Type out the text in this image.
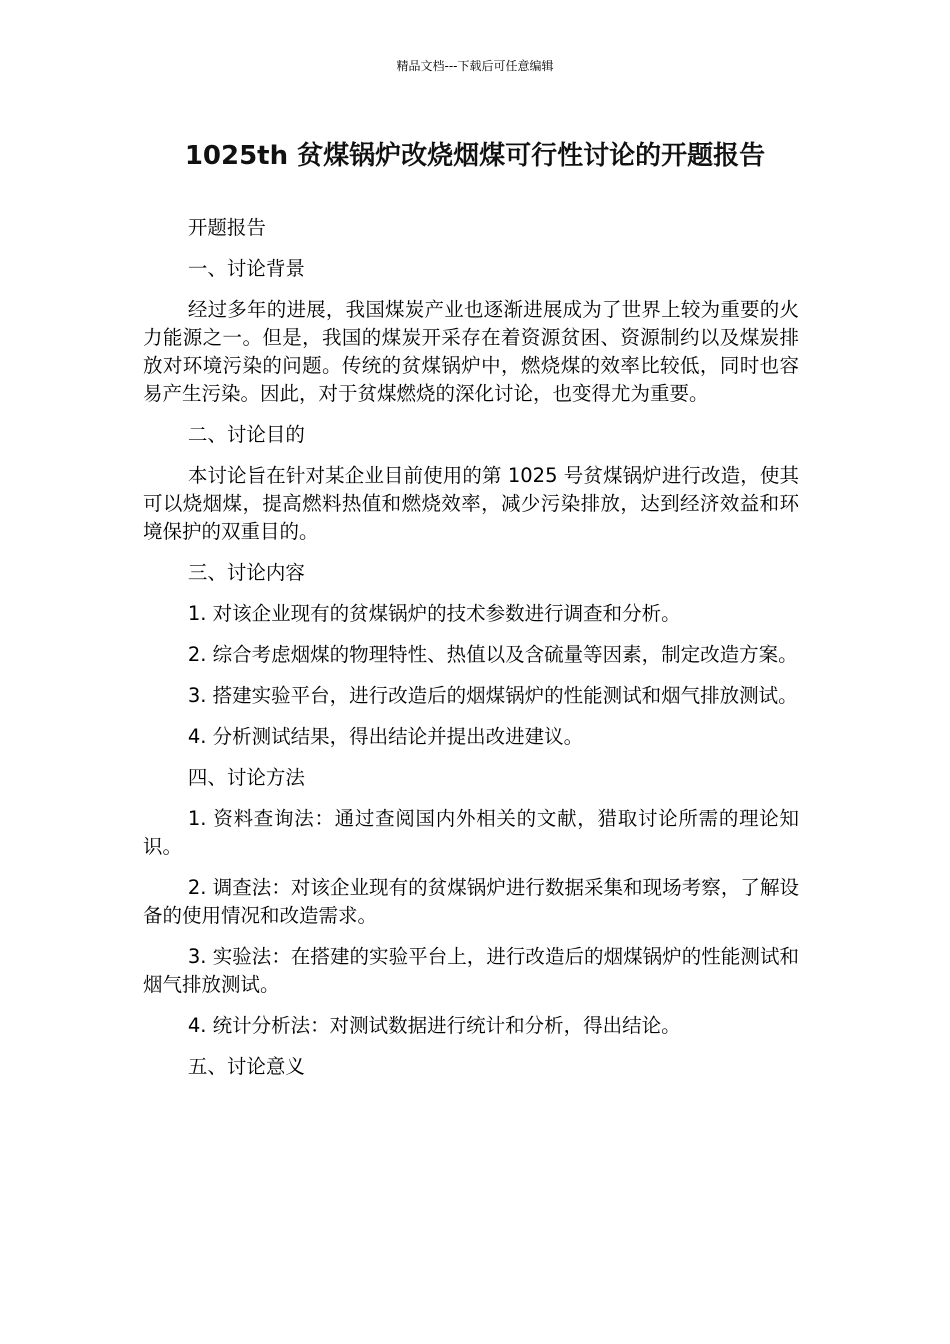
精品文档---下载后可任意编辑
1025th 贫煤锅炉改烧烟煤可行性讨论的开题报告

开题报告

一、讨论背景

经过多年的进展，我国煤炭产业也逐渐进展成为了世界上较为重要的火力能源之一。但是，我国的煤炭开采存在着资源贫困、资源制约以及煤炭排放对环境污染的问题。传统的贫煤锅炉中，燃烧煤的效率比较低，同时也容易产生污染。因此，对于贫煤燃烧的深化讨论，也变得尤为重要。

二、讨论目的

本讨论旨在针对某企业目前使用的第 1025 号贫煤锅炉进行改造，使其可以烧烟煤，提高燃料热值和燃烧效率，减少污染排放，达到经济效益和环境保护的双重目的。

三、讨论内容

1. 对该企业现有的贫煤锅炉的技术参数进行调查和分析。

2. 综合考虑烟煤的物理特性、热值以及含硫量等因素，制定改造方案。

3. 搭建实验平台，进行改造后的烟煤锅炉的性能测试和烟气排放测试。

4. 分析测试结果，得出结论并提出改进建议。

四、讨论方法

1. 资料查询法：通过查阅国内外相关的文献，猎取讨论所需的理论知识。

2. 调查法：对该企业现有的贫煤锅炉进行数据采集和现场考察，了解设备的使用情况和改造需求。

3. 实验法：在搭建的实验平台上，进行改造后的烟煤锅炉的性能测试和烟气排放测试。

4. 统计分析法：对测试数据进行统计和分析，得出结论。

五、讨论意义
